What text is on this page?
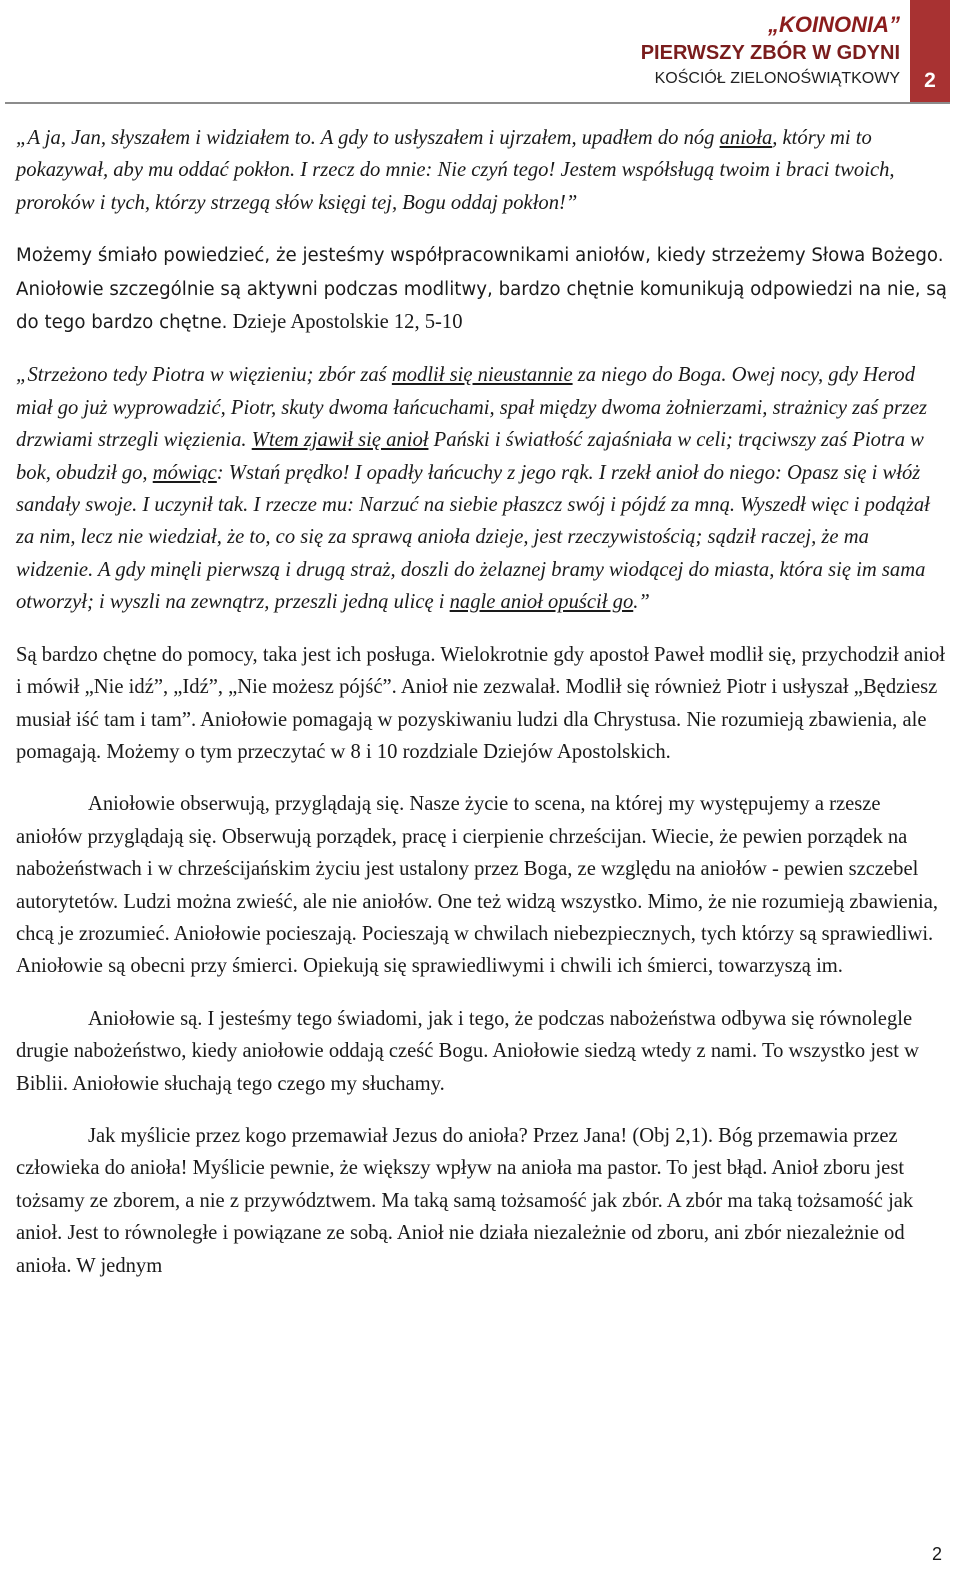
„KOINONIA”
PIERWSZY ZBÓR W GDYNI
KOŚCIÓŁ ZIELONOŚWIĄTKOWY	2

„A ja, Jan, słyszałem i widziałem to. A gdy to usłyszałem i ujrzałem, upadłem do nóg anioła, który mi to pokazywał, aby mu oddać pokłon. I rzecz do mnie: Nie czyń tego! Jestem współsługą twoim i braci twoich, proroków i tych, którzy strzegą słów księgi tej, Bogu oddaj pokłon!”

Możemy śmiało powiedzieć, że jesteśmy współpracownikami aniołów, kiedy strzeżemy Słowa Bożego. Aniołowie szczególnie są aktywni podczas modlitwy, bardzo chętnie komunikują odpowiedzi na nie, są do tego bardzo chętne. Dzieje Apostolskie 12, 5-10

„Strzeżono tedy Piotra w więzieniu; zbór zaś modlił się nieustannie za niego do Boga. Owej nocy, gdy Herod miał go już wyprowadzić, Piotr, skuty dwoma łańcuchami, spał między dwoma żołnierzami, strażnicy zaś przez drzwiami strzegli więzienia. Wtem zjawił się anioł Pański i światłość zajaśniała w celi; trąciwszy zaś Piotra w bok, obudził go, mówiąc: Wstań prędko! I opadły łańcuchy z jego rąk. I rzekł anioł do niego: Opasz się i włóż sandały swoje. I uczynił tak. I rzecze mu: Narzuć na siebie płaszcz swój i pójdź za mną. Wyszedł więc i podążał za nim, lecz nie wiedział, że to, co się za sprawą anioła dzieje, jest rzeczywistością; sądził raczej, że ma widzenie. A gdy minęli pierwszą i drugą straż, doszli do żelaznej bramy wiodącej do miasta, która się im sama otworzył; i wyszli na zewnątrz, przeszli jedną ulicę i nagle anioł opuścił go.”

Są bardzo chętne do pomocy, taka jest ich posługa. Wielokrotnie gdy apostoł Paweł modlił się, przychodził anioł i mówił „Nie idź”, „Idź”, „Nie możesz pójść”. Anioł nie zezwalał. Modlił się również Piotr i usłyszał „Będziesz musiał iść tam i tam”. Aniołowie pomagają w pozyskiwaniu ludzi dla Chrystusa. Nie rozumieją zbawienia, ale pomagają. Możemy o tym przeczytać w 8 i 10 rozdziale Dziejów Apostolskich.

Aniołowie obserwują, przyglądają się. Nasze życie to scena, na której my występujemy a rzesze aniołów przyglądają się. Obserwują porządek, pracę i cierpienie chrześcijan. Wiecie, że pewien porządek na nabożeństwach i w chrześcijańskim życiu jest ustalony przez Boga, ze względu na aniołów - pewien szczebel autorytetów. Ludzi można zwieść, ale nie aniołów. One też widzą wszystko. Mimo, że nie rozumieją zbawienia, chcą je zrozumieć. Aniołowie pocieszają. Pocieszają w chwilach niebezpiecznych, tych którzy są sprawiedliwi. Aniołowie są obecni przy śmierci. Opiekują się sprawiedliwymi i chwili ich śmierci, towarzyszą im.

Aniołowie są. I jesteśmy tego świadomi, jak i tego, że podczas nabożeństwa odbywa się równolegle drugie nabożeństwo, kiedy aniołowie oddają cześć Bogu. Aniołowie siedzą wtedy z nami. To wszystko jest w Biblii. Aniołowie słuchają tego czego my słuchamy.

Jak myślicie przez kogo przemawiał Jezus do anioła? Przez Jana! (Obj 2,1). Bóg przemawia przez człowieka do anioła! Myślicie pewnie, że większy wpływ na anioła ma pastor. To jest błąd. Anioł zboru jest tożsamy ze zborem, a nie z przywództwem. Ma taką samą tożsamość jak zbór. A zbór ma taką tożsamość jak anioł. Jest to równoległe i powiązane ze sobą. Anioł nie działa niezależnie od zboru, ani zbór niezależnie od anioła. W jednym

2
